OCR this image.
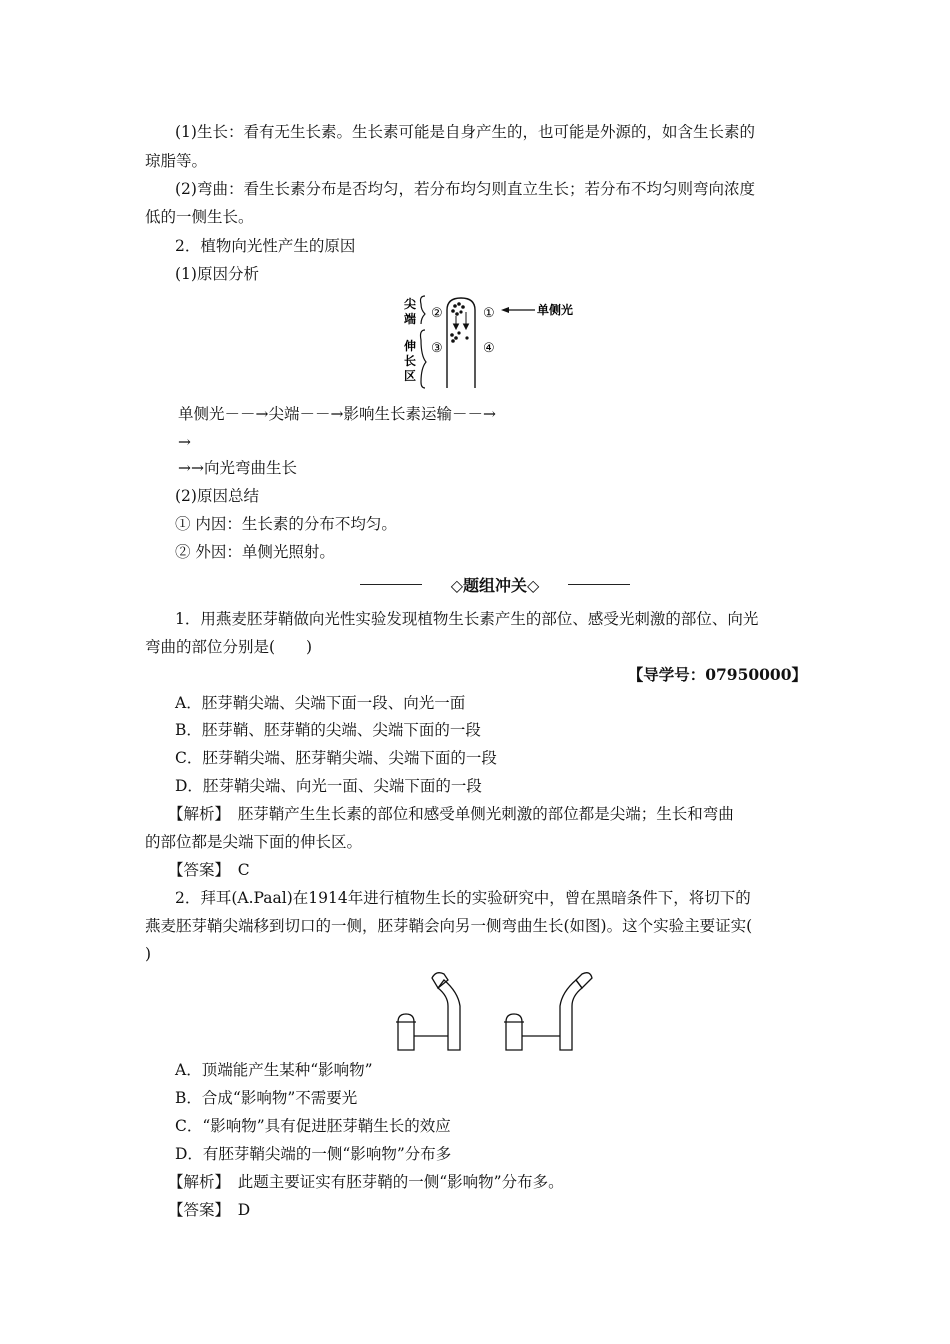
(1)生长：看有无生长素。生长素可能是自身产生的，也可能是外源的，如含生长素的
琼脂等。
(2)弯曲：看生长素分布是否均匀，若分布均匀则直立生长；若分布不均匀则弯向浓度
低的一侧生长。
2．植物向光性产生的原因
(1)原因分析
尖
端
伸
长
区
②
③
①
④
单侧光
单侧光－－→尖端－－→影响生长素运输－－→
→
→→向光弯曲生长
(2)原因总结
① 内因：生长素的分布不均匀。
② 外因：单侧光照射。
◇题组冲关◇
1．用燕麦胚芽鞘做向光性实验发现植物生长素产生的部位、感受光刺激的部位、向光
弯曲的部位分别是(　　)
【导学号：07950000】
A．胚芽鞘尖端、尖端下面一段、向光一面
B．胚芽鞘、胚芽鞘的尖端、尖端下面的一段
C．胚芽鞘尖端、胚芽鞘尖端、尖端下面的一段
D．胚芽鞘尖端、向光一面、尖端下面的一段
【解析】　胚芽鞘产生生长素的部位和感受单侧光刺激的部位都是尖端；生长和弯曲
的部位都是尖端下面的伸长区。
【答案】　C
2．拜耳(A.Paal)在1914年进行植物生长的实验研究中，曾在黑暗条件下，将切下的
燕麦胚芽鞘尖端移到切口的一侧，胚芽鞘会向另一侧弯曲生长(如图)。这个实验主要证实(
)
A．顶端能产生某种“影响物”
B．合成“影响物”不需要光
C．“影响物”具有促进胚芽鞘生长的效应
D．有胚芽鞘尖端的一侧“影响物”分布多
【解析】　此题主要证实有胚芽鞘的一侧“影响物”分布多。
【答案】　D
